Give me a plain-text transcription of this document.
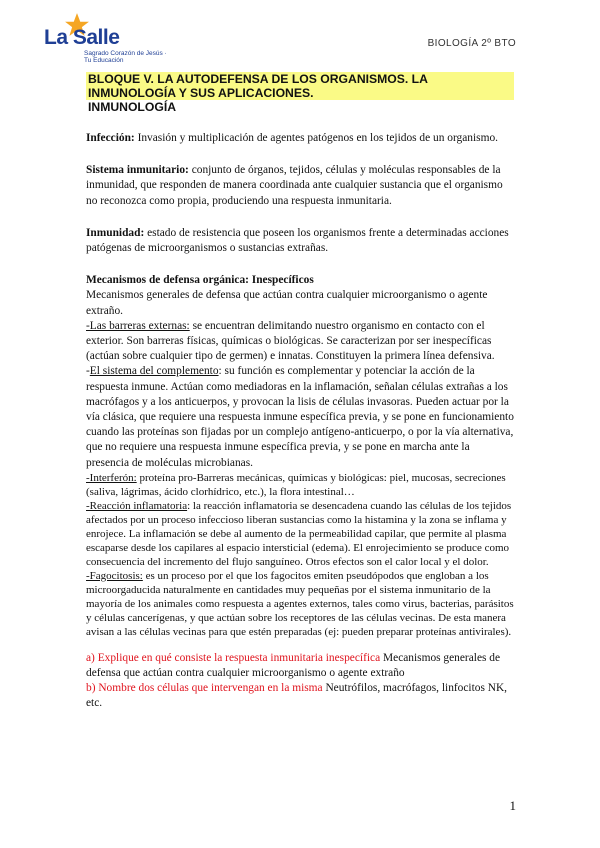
La Salle
Sagrado Corazón de Jesús · Tu Educación
BIOLOGÍA 2º BTO
BLOQUE V. LA AUTODEFENSA DE LOS ORGANISMOS. LA INMUNOLOGÍA Y SUS APLICACIONES.
INMUNOLOGÍA

Infección: Invasión y multiplicación de agentes patógenos en los tejidos de un organismo.

Sistema inmunitario: conjunto de órganos, tejidos, células y moléculas responsables de la inmunidad, que responden de manera coordinada ante cualquier sustancia que el organismo no reconozca como propia, produciendo una respuesta inmunitaria.

Inmunidad: estado de resistencia que poseen los organismos frente a determinadas acciones patógenas de microorganismos o sustancias extrañas.

Mecanismos de defensa orgánica: Inespecíficos

Mecanismos generales de defensa que actúan contra cualquier microorganismo o agente extraño.

-Las barreras externas: se encuentran delimitando nuestro organismo en contacto con el exterior. Son barreras físicas, químicas o biológicas. Se caracterizan por ser inespecíficas (actúan sobre cualquier tipo de germen) e innatas. Constituyen la primera línea defensiva.

-El sistema del complemento: su función es complementar y potenciar la acción de la respuesta inmune. Actúan como mediadoras en la inflamación, señalan células extrañas a los macrófagos y a los anticuerpos, y provocan la lisis de células invasoras. Pueden actuar por la vía clásica, que requiere una respuesta inmune específica previa, y se pone en funcionamiento cuando las proteínas son fijadas por un complejo antígeno-anticuerpo, o por la vía alternativa, que no requiere una respuesta inmune específica previa, y se pone en marcha ante la presencia de moléculas microbianas.

-Interferón: proteína pro-Barreras mecánicas, químicas y biológicas: piel, mucosas, secreciones (saliva, lágrimas, ácido clorhídrico, etc.), la flora intestinal…

-Reacción inflamatoria: la reacción inflamatoria se desencadena cuando las células de los tejidos afectados por un proceso infeccioso liberan sustancias como la histamina y la zona se inflama y enrojece. La inflamación se debe al aumento de la permeabilidad capilar, que permite al plasma escaparse desde los capilares al espacio intersticial (edema). El enrojecimiento se produce como consecuencia del incremento del flujo sanguíneo. Otros efectos son el calor local y el dolor.

-Fagocitosis: es un proceso por el que los fagocitos emiten pseudópodos que engloban a los microorgaducida naturalmente en cantidades muy pequeñas por el sistema inmunitario de la mayoría de los animales como respuesta a agentes externos, tales como virus, bacterias, parásitos y células cancerígenas, y que actúan sobre los receptores de las células vecinas. De esta manera avisan a las células vecinas para que estén preparadas (ej: pueden preparar proteínas antivirales).

a) Explique en qué consiste la respuesta inmunitaria inespecífica Mecanismos generales de defensa que actúan contra cualquier microorganismo o agente extraño

b) Nombre dos células que intervengan en la misma Neutrófilos, macrófagos, linfocitos NK, etc.

1
